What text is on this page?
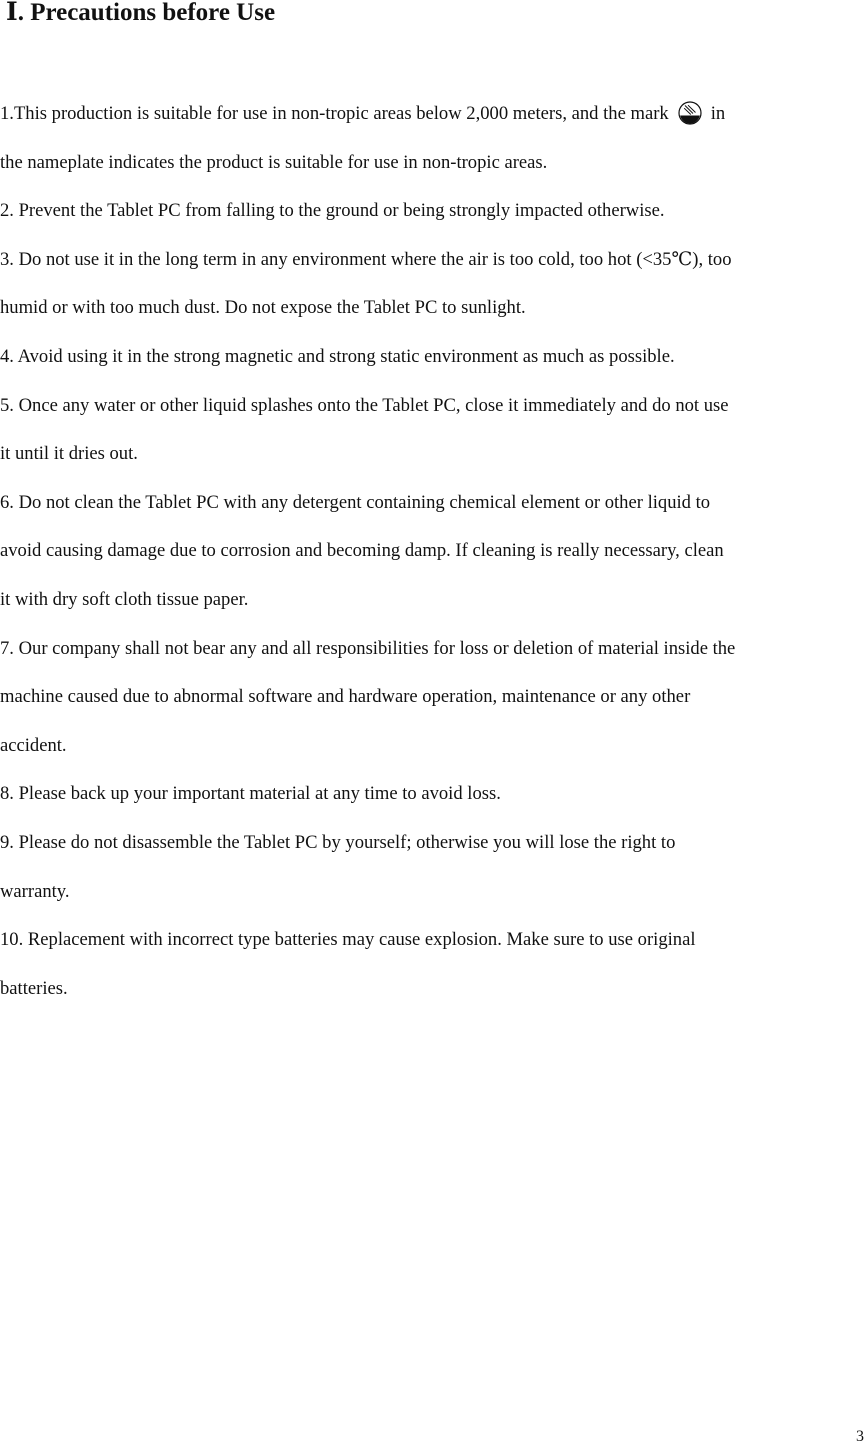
Ⅰ. Precautions before Use
1.This production is suitable for use in non-tropic areas below 2,000 meters, and the mark in
the nameplate indicates the product is suitable for use in non-tropic areas.
2. Prevent the Tablet PC from falling to the ground or being strongly impacted otherwise.
3. Do not use it in the long term in any environment where the air is too cold, too hot (<35℃), too
humid or with too much dust. Do not expose the Tablet PC to sunlight.
4. Avoid using it in the strong magnetic and strong static environment as much as possible.
5. Once any water or other liquid splashes onto the Tablet PC, close it immediately and do not use
it until it dries out.
6. Do not clean the Tablet PC with any detergent containing chemical element or other liquid to
avoid causing damage due to corrosion and becoming damp. If cleaning is really necessary, clean
it with dry soft cloth tissue paper.
7. Our company shall not bear any and all responsibilities for loss or deletion of material inside the
machine caused due to abnormal software and hardware operation, maintenance or any other
accident.
8. Please back up your important material at any time to avoid loss.
9. Please do not disassemble the Tablet PC by yourself; otherwise you will lose the right to
warranty.
10. Replacement with incorrect type batteries may cause explosion. Make sure to use original
batteries.
3
